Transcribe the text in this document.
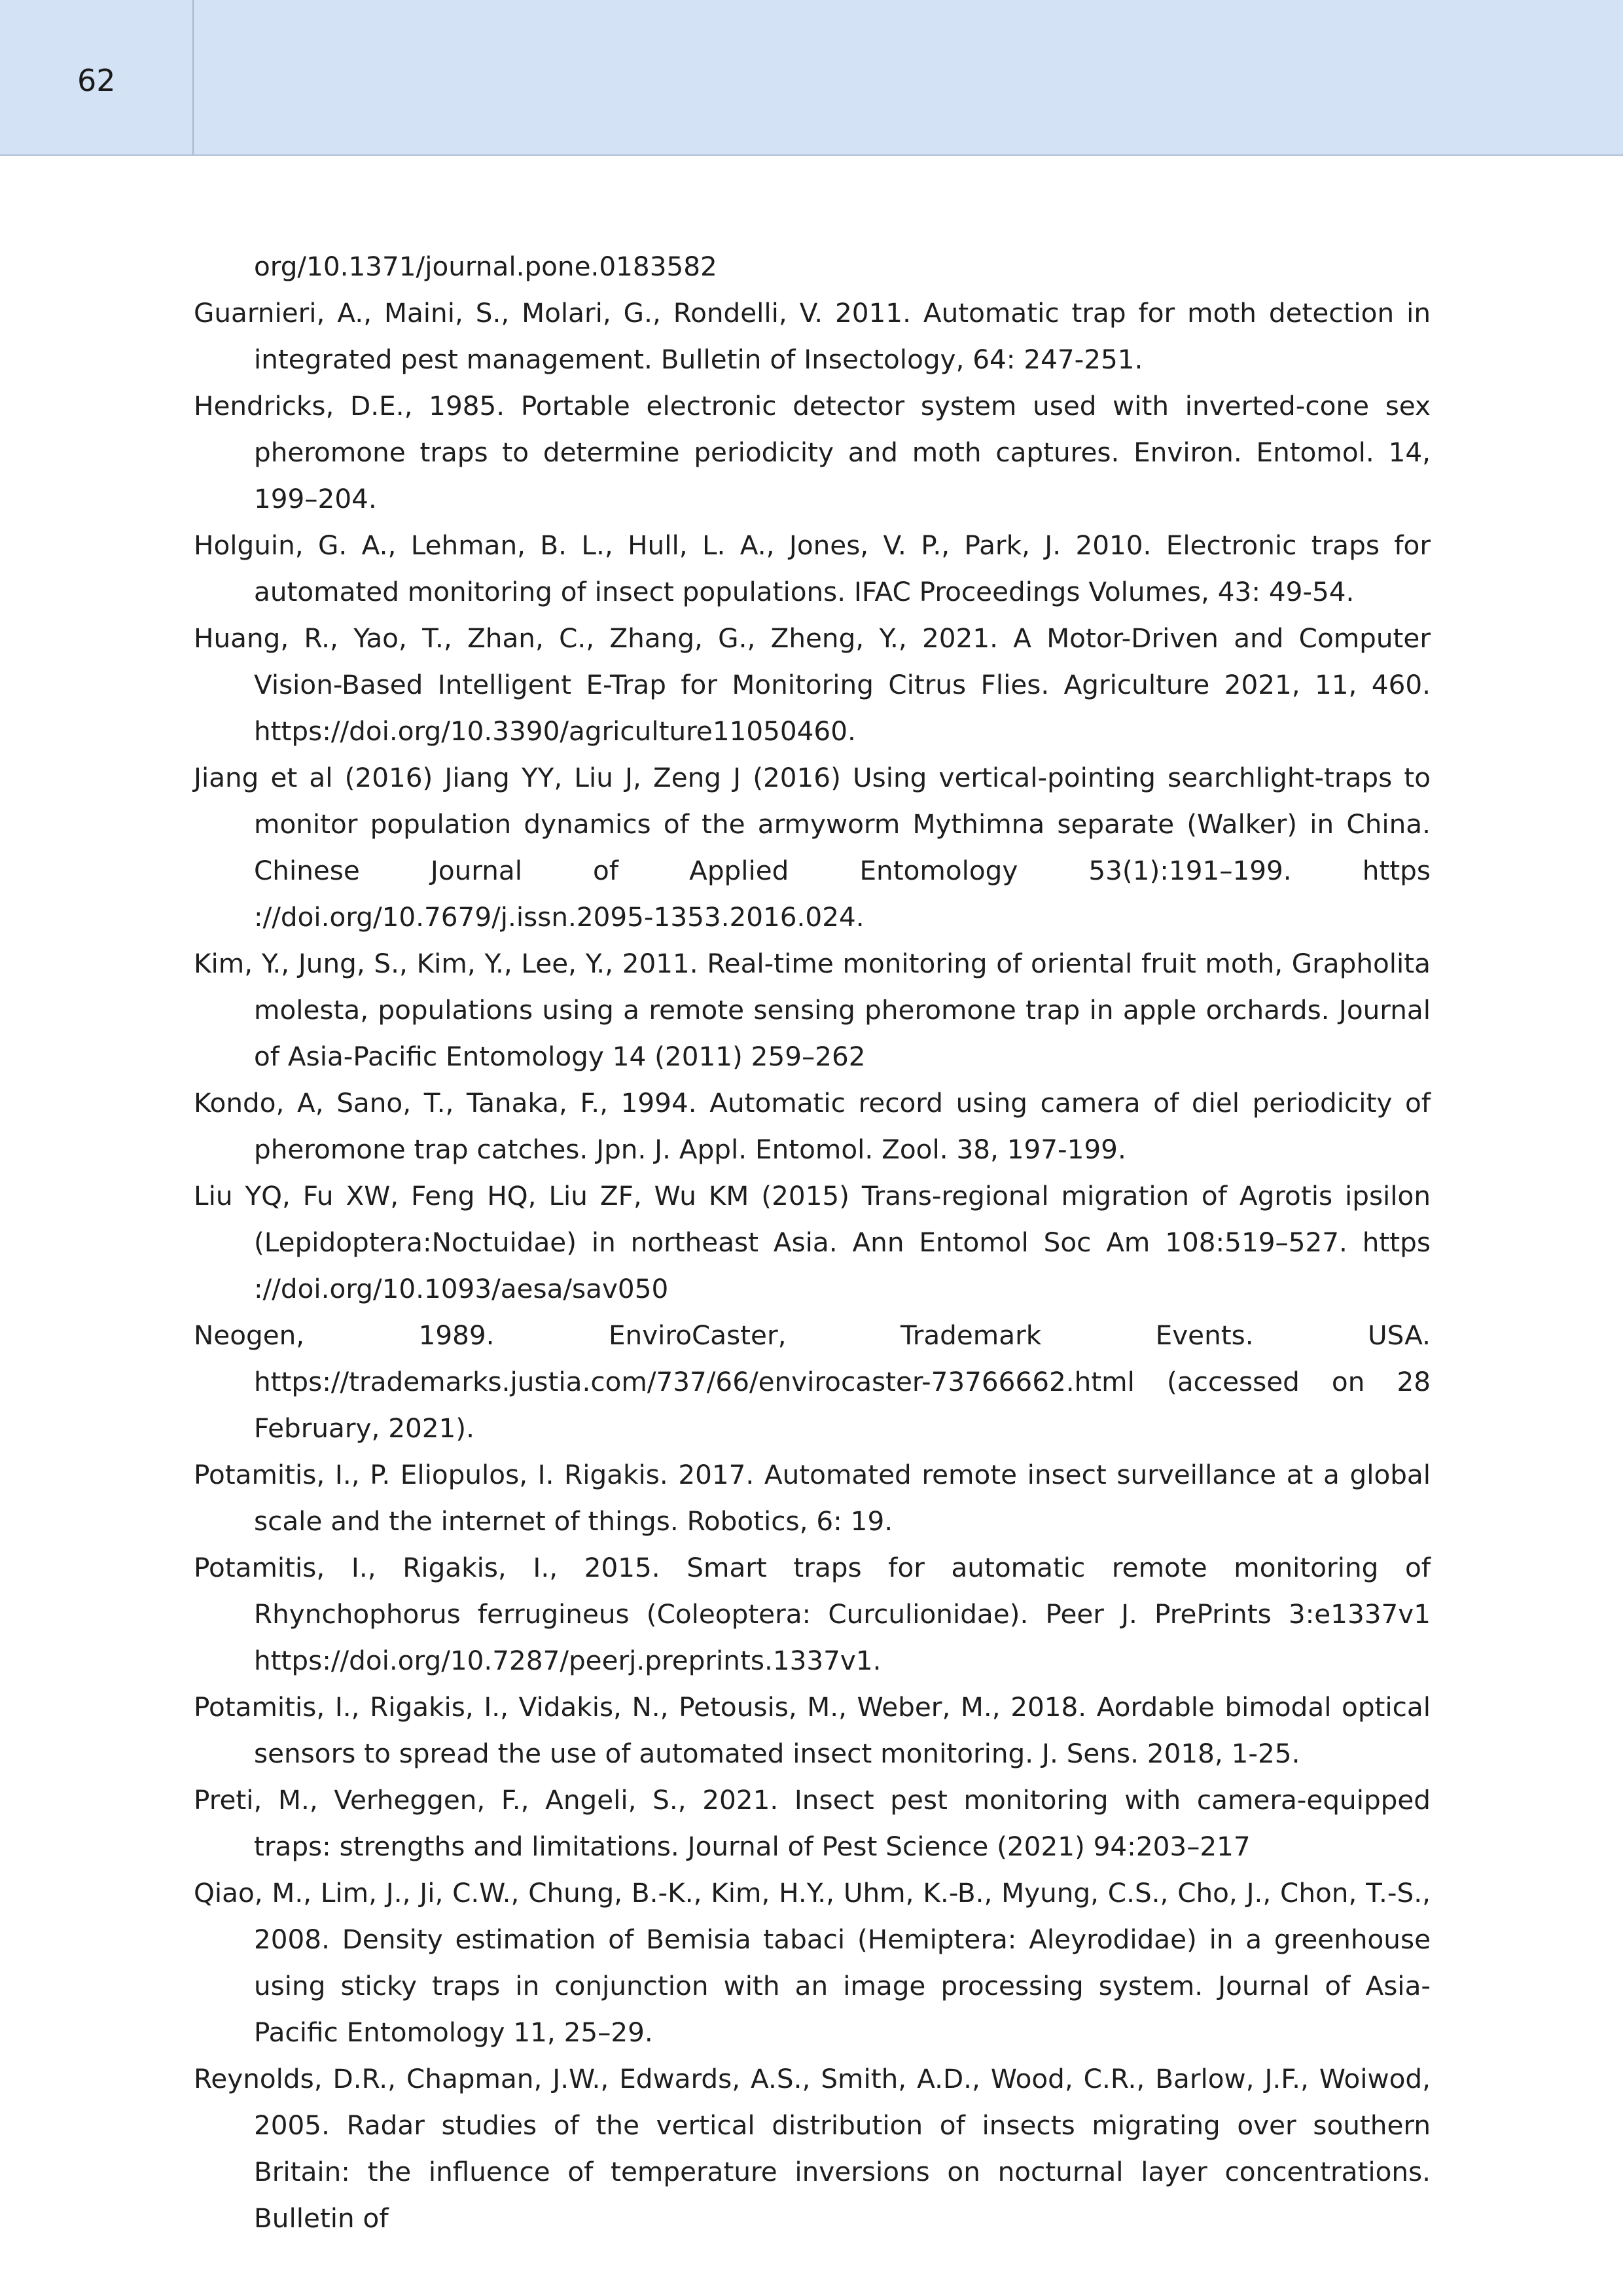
62
org/10.1371/journal.pone.0183582
Guarnieri, A., Maini, S., Molari, G., Rondelli, V. 2011. Automatic trap for moth detection in integrated pest management. Bulletin of Insectology, 64: 247-251.
Hendricks, D.E., 1985. Portable electronic detector system used with inverted-cone sex pheromone traps to determine periodicity and moth captures. Environ. Entomol. 14, 199–204.
Holguin, G. A., Lehman, B. L., Hull, L. A., Jones, V. P., Park, J. 2010. Electronic traps for automated monitoring of insect populations. IFAC Proceedings Volumes, 43: 49-54.
Huang, R., Yao, T., Zhan, C., Zhang, G., Zheng, Y., 2021. A Motor-Driven and Computer Vision-Based Intelligent E-Trap for Monitoring Citrus Flies. Agriculture 2021, 11, 460. https://doi.org/10.3390/agriculture11050460.
Jiang et al (2016) Jiang YY, Liu J, Zeng J (2016) Using vertical-pointing searchlight-traps to monitor population dynamics of the armyworm Mythimna separate (Walker) in China. Chinese Journal of Applied Entomology 53(1):191–199. https ://doi.org/10.7679/j.issn.2095-1353.2016.024.
Kim, Y., Jung, S., Kim, Y., Lee, Y., 2011. Real-time monitoring of oriental fruit moth, Grapholita molesta, populations using a remote sensing pheromone trap in apple orchards. Journal of Asia-Pacific Entomology 14 (2011) 259–262
Kondo, A, Sano, T., Tanaka, F., 1994. Automatic record using camera of diel periodicity of pheromone trap catches. Jpn. J. Appl. Entomol. Zool. 38, 197-199.
Liu YQ, Fu XW, Feng HQ, Liu ZF, Wu KM (2015) Trans-regional migration of Agrotis ipsilon (Lepidoptera:Noctuidae) in northeast Asia. Ann Entomol Soc Am 108:519–527. https ://doi.org/10.1093/aesa/sav050
Neogen, 1989. EnviroCaster, Trademark Events. USA. https://trademarks.justia.com/737/66/envirocaster-73766662.html (accessed on 28 February, 2021).
Potamitis, I., P. Eliopulos, I. Rigakis. 2017. Automated remote insect surveillance at a global scale and the internet of things. Robotics, 6: 19.
Potamitis, I., Rigakis, I., 2015. Smart traps for automatic remote monitoring of Rhynchophorus ferrugineus (Coleoptera: Curculionidae). Peer J. PrePrints 3:e1337v1 https://doi.org/10.7287/peerj.preprints.1337v1.
Potamitis, I., Rigakis, I., Vidakis, N., Petousis, M., Weber, M., 2018. Aordable bimodal optical sensors to spread the use of automated insect monitoring. J. Sens. 2018, 1-25.
Preti, M., Verheggen, F., Angeli, S., 2021. Insect pest monitoring with camera-equipped traps: strengths and limitations. Journal of Pest Science (2021) 94:203–217
Qiao, M., Lim, J., Ji, C.W., Chung, B.-K., Kim, H.Y., Uhm, K.-B., Myung, C.S., Cho, J., Chon, T.-S., 2008. Density estimation of Bemisia tabaci (Hemiptera: Aleyrodidae) in a greenhouse using sticky traps in conjunction with an image processing system. Journal of Asia-Pacific Entomology 11, 25–29.
Reynolds, D.R., Chapman, J.W., Edwards, A.S., Smith, A.D., Wood, C.R., Barlow, J.F., Woiwod, 2005. Radar studies of the vertical distribution of insects migrating over southern Britain: the influence of temperature inversions on nocturnal layer concentrations. Bulletin of
